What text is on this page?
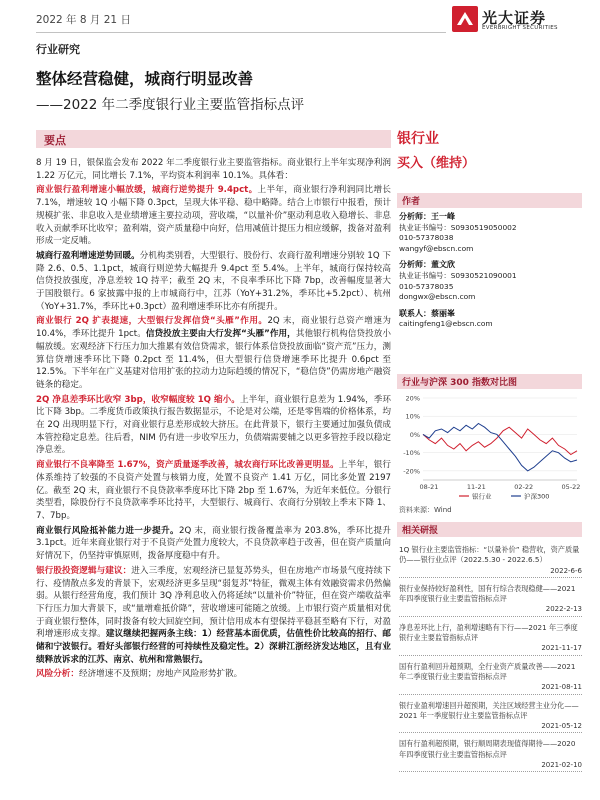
2022 年 8 月 21 日	光大证券
EVERBRIGHT SECURITIES
行业研究
整体经营稳健，城商行明显改善
——2022 年二季度银行业主要监管指标点评
要点

8 月 19 日，银保监会发布 2022 年二季度银行业主要监管指标。商业银行上半年实现净利润 1.22 万亿元，同比增长 7.1%，平均资本利润率 10.1%。具体看：

商业银行盈利增速小幅放缓，城商行逆势提升 9.4pct。上半年，商业银行净利润同比增长 7.1%，增速较 1Q 小幅下降 0.3pct，呈现大体平稳、稳中略降。结合上市银行中报看，预计规模扩张、非息收入是业绩增速主要拉动项，营收端，“以量补价”驱动利息收入稳增长、非息收入贡献季环比收窄；盈利端，资产质量稳中向好，信用减值计提压力相应缓解，拨备对盈利形成一定反哺。

城商行盈利增速逆势回暖。分机构类别看，大型银行、股份行、农商行盈利增速分别较 1Q 下降 2.6、0.5、1.1pct，城商行则逆势大幅提升 9.4pct 至 5.4%。上半年，城商行保持较高信贷投放强度，净息差较 1Q 持平；截至 2Q 末，不良率季环比下降 7bp，改善幅度显著大于国股银行。6 家披露中报的上市城商行中，江苏（YoY+31.2%，季环比+5.2pct）、杭州（YoY+31.7%，季环比+0.3pct）盈利增速季环比亦有所提升。

商业银行 2Q 扩表提速，大型银行发挥信贷“头雁”作用。2Q 末，商业银行总资产增速为 10.4%，季环比提升 1pct。信贷投放主要由大行发挥“头雁”作用，其他银行机构信贷投放小幅放缓。宏观经济下行压力加大推累有效信贷需求，银行体系信贷投放面临“资产荒”压力，测算信贷增速季环比下降 0.2pct 至 11.4%，但大型银行信贷增速季环比提升 0.6pct 至 12.5%。下半年在广义基建对信用扩张的拉动力边际趋缓的情况下，“稳信贷”仍需房地产融资链条的稳定。

2Q 净息差季环比收窄 3bp，收窄幅度较 1Q 缩小。上半年，商业银行息差为 1.94%，季环比下降 3bp。二季度货币政策执行报告数据显示，不论是对公端，还是零售端的价格体系，均在 2Q 出现明显下行，对商业银行息差形成较大挤压。在此背景下，银行主要通过加强负债成本管控稳定息差。往后看，NIM 仍有进一步收窄压力，负债端需要辅之以更多管控手段以稳定净息差。

商业银行不良率降至 1.67%，资产质量逐季改善，城农商行环比改善更明显。上半年，银行体系维持了较强的不良资产处置与核销力度，处置不良资产 1.41 万亿，同比多处置 2197 亿。截至 2Q 末，商业银行不良贷款率季度环比下降 2bp 至 1.67%，为近年来低位。分银行类型看，除股份行不良贷款率季环比持平，大型银行、城商行、农商行分别较上季末下降 1、7、7bp。

商业银行风险抵补能力进一步提升。2Q 末，商业银行拨备覆盖率为 203.8%，季环比提升 3.1pct。近年来商业银行对于不良资产处置力度较大，不良贷款率趋于改善，但在资产质量向好情况下，仍坚持审慎原则，拨备厚度稳中有升。

银行股投资逻辑与建议：进入三季度，宏观经济已显复苏势头，但在房地产市场景气度持续下行、疫情散点多发的背景下，宏观经济更多呈现“弱复苏”特征，微观主体有效融资需求仍然偏弱。从银行经营角度，我们预计 3Q 净利息收入仍将延续“以量补价”特征，但在资产端收益率下行压力加大背景下，或“量增难抵价降”，营收增速可能随之放缓。上市银行资产质量相对优于商业银行整体，同时拨备有较大回旋空间，预计信用成本有望保持平稳甚至略有下行，对盈利增速形成支撑。建议继续把握两条主线：1）经营基本面优质，估值性价比较高的招行、邮储和宁波银行。看好头部银行经营的可持续性及稳定性。2）深耕江浙经济发达地区，且有业绩释放诉求的江苏、南京、杭州和常熟银行。

风险分析：经济增速不及预期；房地产风险形势扩散。

银行业
买入（维持）
作者
分析师：王一峰
执业证书编号：S0930519050002
010-57378038
wangyf@ebscn.com
分析师：董文欣
执业证书编号：S0930521090001
010-57378035
dongwx@ebscn.com
联系人：蔡丽峯
caitingfeng1@ebscn.com
行业与沪深 300 指数对比图
20%
10%
0%
-10%
-20%
08-21	11-21	02-22	05-22
银行业	沪深300
资料来源：Wind
相关研报
1Q 银行业主要监管指标：“以量补价” 稳营收，资产质量仍——银行业点评（2022.5.30 - 2022.6.5）
2022-6-6
银行业保持较好盈利性，国有行综合表现稳健——2021 年四季度银行业主要监管指标点评
2022-2-13
净息差环比上行，盈利增速略有下行——2021 年三季度银行业主要监管指标点评
2021-11-17
国有行盈利回升超预期，全行业资产质量改善——2021 年二季度银行业主要监管指标点评
2021-08-11
银行业盈利增速回升超预期，关注区域经营主业分化——2021 年一季度银行业主要监管指标点评
2021-05-12
国有行盈利超预期，银行顺周期表现值得期待——2020 年四季度银行业主要监管指标点评
2021-02-10
